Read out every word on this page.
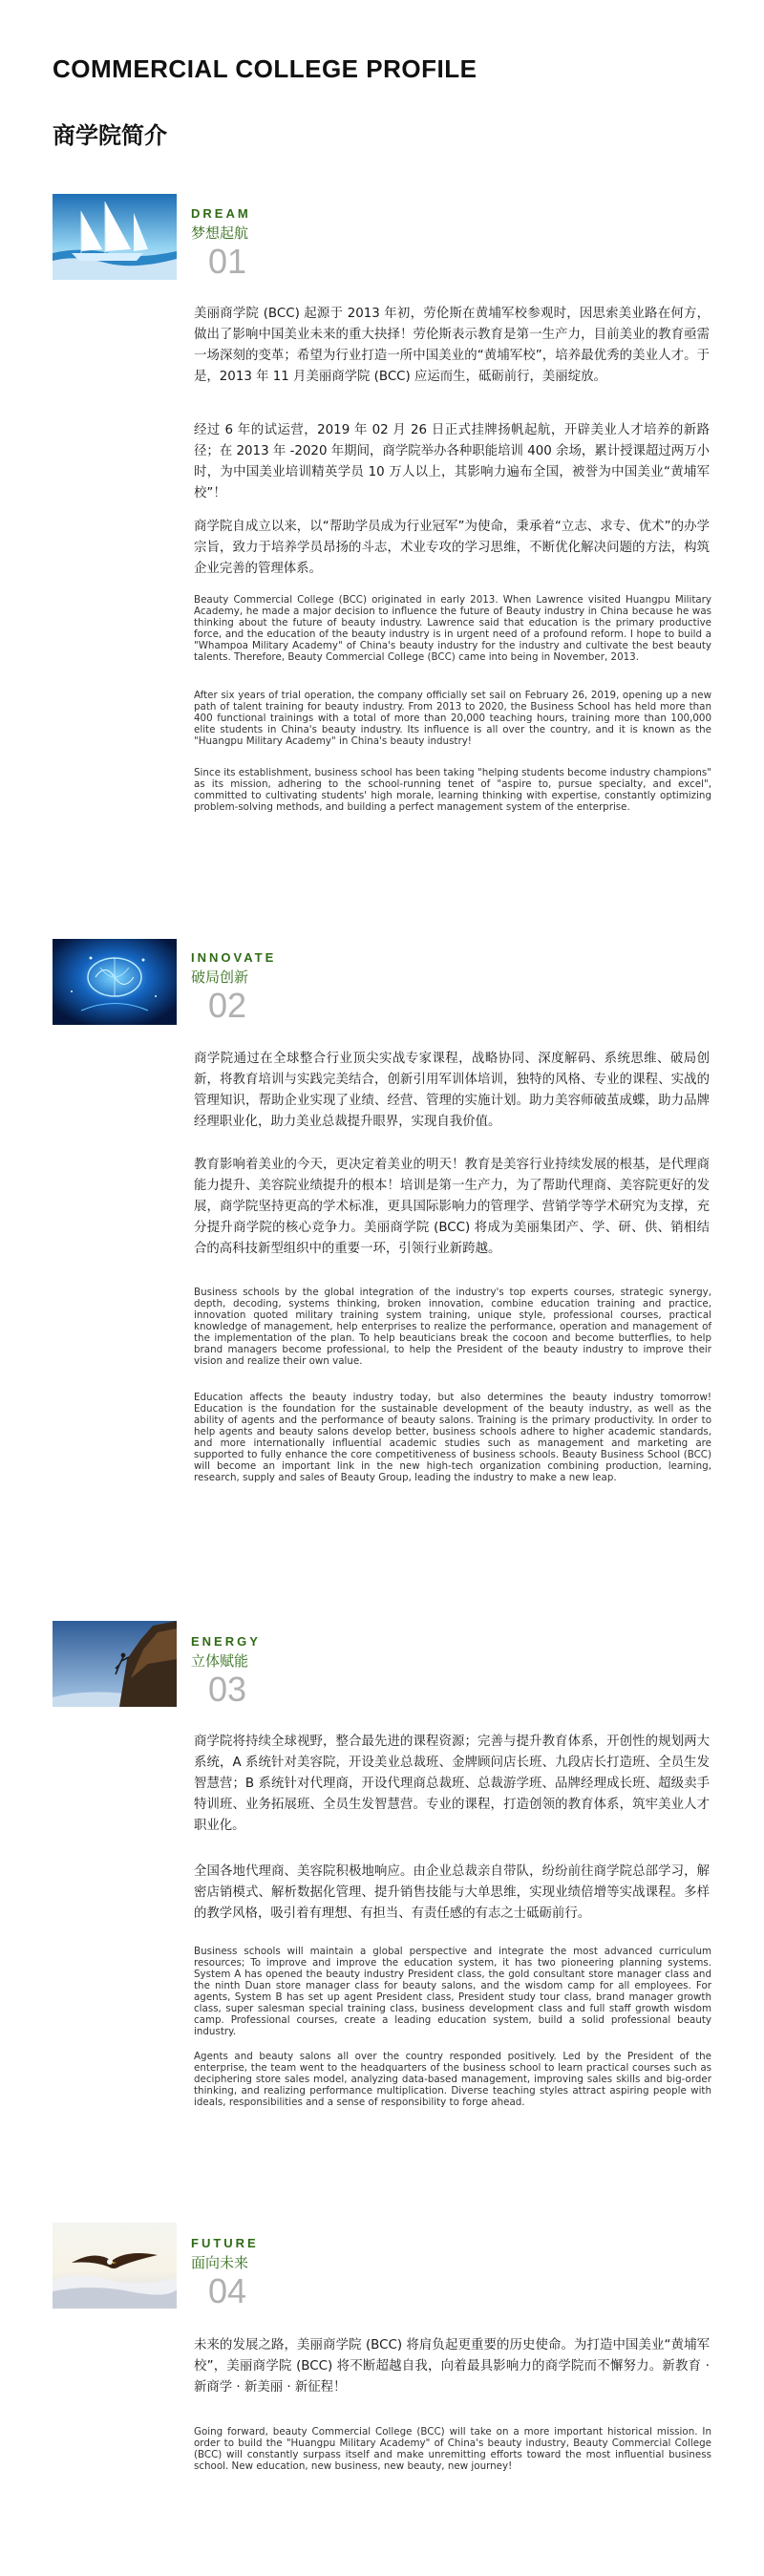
COMMERCIAL COLLEGE PROFILE
商学院简介
DREAM
梦想起航
01

美丽商学院 (BCC) 起源于 2013 年初，劳伦斯在黄埔军校参观时，因思索美业路在何方，做出了影响中国美业未来的重大抉择！劳伦斯表示教育是第一生产力，目前美业的教育亟需一场深刻的变革；希望为行业打造一所中国美业的“黄埔军校”，培养最优秀的美业人才。于是，2013 年 11 月美丽商学院 (BCC) 应运而生，砥砺前行，美丽绽放。

经过 6 年的试运营，2019 年 02 月 26 日正式挂牌扬帆起航，开辟美业人才培养的新路径；在 2013 年 -2020 年期间，商学院举办各种职能培训 400 余场，累计授课超过两万小时，为中国美业培训精英学员 10 万人以上，其影响力遍布全国，被誉为中国美业“黄埔军校”！

商学院自成立以来，以“帮助学员成为行业冠军”为使命，秉承着“立志、求专、优术”的办学宗旨，致力于培养学员昂扬的斗志，术业专攻的学习思维，不断优化解决问题的方法，构筑企业完善的管理体系。

Beauty Commercial College (BCC) originated in early 2013. When Lawrence visited Huangpu Military Academy, he made a major decision to influence the future of Beauty industry in China because he was thinking about the future of beauty industry. Lawrence said that education is the primary productive force, and the education of the beauty industry is in urgent need of a profound reform. I hope to build a "Whampoa Military Academy" of China's beauty industry for the industry and cultivate the best beauty talents. Therefore, Beauty Commercial College (BCC) came into being in November, 2013.

After six years of trial operation, the company officially set sail on February 26, 2019, opening up a new path of talent training for beauty industry. From 2013 to 2020, the Business School has held more than 400 functional trainings with a total of more than 20,000 teaching hours, training more than 100,000 elite students in China's beauty industry. Its influence is all over the country, and it is known as the "Huangpu Military Academy" in China's beauty industry!

Since its establishment, business school has been taking "helping students become industry champions" as its mission, adhering to the school-running tenet of "aspire to, pursue specialty, and excel", committed to cultivating students' high morale, learning thinking with expertise, constantly optimizing problem-solving methods, and building a perfect management system of the enterprise.

INNOVATE
破局创新
02

商学院通过在全球整合行业顶尖实战专家课程，战略协同、深度解码、系统思维、破局创新，将教育培训与实践完美结合，创新引用军训体培训，独特的风格、专业的课程、实战的管理知识，帮助企业实现了业绩、经营、管理的实施计划。助力美容师破茧成蝶，助力品牌经理职业化，助力美业总裁提升眼界，实现自我价值。

教育影响着美业的今天，更决定着美业的明天！教育是美容行业持续发展的根基，是代理商能力提升、美容院业绩提升的根本！培训是第一生产力，为了帮助代理商、美容院更好的发展，商学院坚持更高的学术标准，更具国际影响力的管理学、营销学等学术研究为支撑，充分提升商学院的核心竞争力。美丽商学院 (BCC) 将成为美丽集团产、学、研、供、销相结合的高科技新型组织中的重要一环，引领行业新跨越。

Business schools by the global integration of the industry's top experts courses, strategic synergy, depth, decoding, systems thinking, broken innovation, combine education training and practice, innovation quoted military training system training, unique style, professional courses, practical knowledge of management, help enterprises to realize the performance, operation and management of the implementation of the plan. To help beauticians break the cocoon and become butterflies, to help brand managers become professional, to help the President of the beauty industry to improve their vision and realize their own value.

Education affects the beauty industry today, but also determines the beauty industry tomorrow! Education is the foundation for the sustainable development of the beauty industry, as well as the ability of agents and the performance of beauty salons. Training is the primary productivity. In order to help agents and beauty salons develop better, business schools adhere to higher academic standards, and more internationally influential academic studies such as management and marketing are supported to fully enhance the core competitiveness of business schools. Beauty Business School (BCC) will become an important link in the new high-tech organization combining production, learning, research, supply and sales of Beauty Group, leading the industry to make a new leap.

ENERGY
立体赋能
03

商学院将持续全球视野，整合最先进的课程资源；完善与提升教育体系，开创性的规划两大系统，A 系统针对美容院，开设美业总裁班、金牌顾问店长班、九段店长打造班、全员生发智慧营；B 系统针对代理商，开设代理商总裁班、总裁游学班、品牌经理成长班、超级卖手特训班、业务拓展班、全员生发智慧营。专业的课程，打造创领的教育体系，筑牢美业人才职业化。

全国各地代理商、美容院积极地响应。由企业总裁亲自带队，纷纷前往商学院总部学习，解密店销模式、解析数据化管理、提升销售技能与大单思维，实现业绩倍增等实战课程。多样的教学风格，吸引着有理想、有担当、有责任感的有志之士砥砺前行。

Business schools will maintain a global perspective and integrate the most advanced curriculum resources; To improve and improve the education system, it has two pioneering planning systems. System A has opened the beauty industry President class, the gold consultant store manager class and the ninth Duan store manager class for beauty salons, and the wisdom camp for all employees. For agents, System B has set up agent President class, President study tour class, brand manager growth class, super salesman special training class, business development class and full staff growth wisdom camp. Professional courses, create a leading education system, build a solid professional beauty industry.

Agents and beauty salons all over the country responded positively. Led by the President of the enterprise, the team went to the headquarters of the business school to learn practical courses such as deciphering store sales model, analyzing data-based management, improving sales skills and big-order thinking, and realizing performance multiplication. Diverse teaching styles attract aspiring people with ideals, responsibilities and a sense of responsibility to forge ahead.

FUTURE
面向未来
04

未来的发展之路，美丽商学院 (BCC) 将肩负起更重要的历史使命。为打造中国美业“黄埔军校”，美丽商学院 (BCC) 将不断超越自我，向着最具影响力的商学院而不懈努力。新教育 · 新商学 · 新美丽 · 新征程！

Going forward, beauty Commercial College (BCC) will take on a more important historical mission. In order to build the "Huangpu Military Academy" of China's beauty industry, Beauty Commercial College (BCC) will constantly surpass itself and make unremitting efforts toward the most influential business school. New education, new business, new beauty, new journey!
